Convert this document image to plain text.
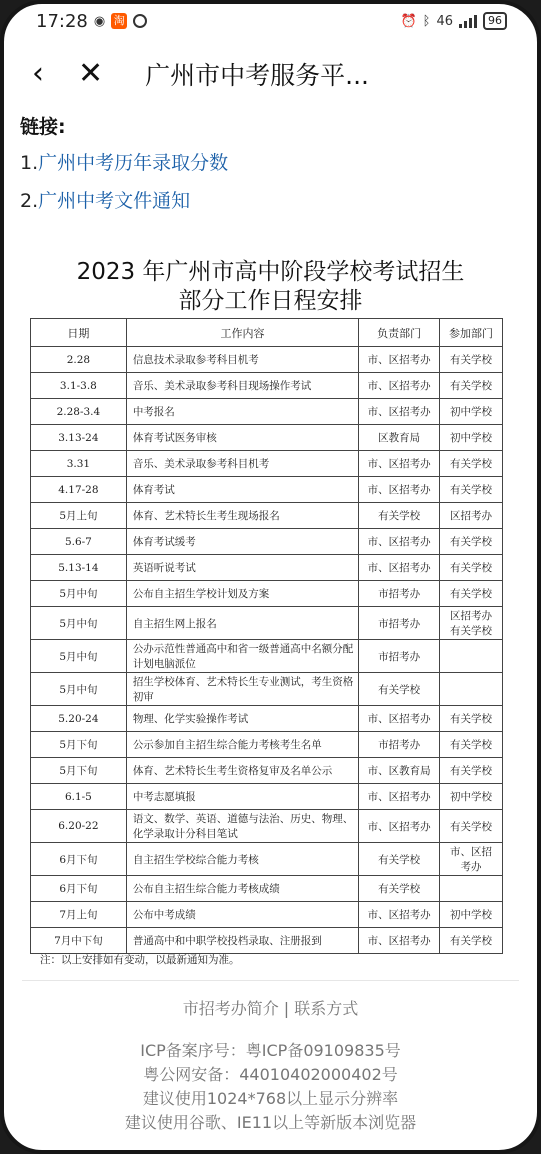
17:28 ◉ 淘	⏰ ᛒ 46	96
‹ ✕ 广州市中考服务平...
链接:
1.广州中考历年录取分数
2.广州中考文件通知
2023 年广州市高中阶段学校考试招生
部分工作日程安排
日期	工作内容	负责部门	参加部门
2.28	信息技术录取参考科目机考	市、区招考办	有关学校
3.1-3.8	音乐、美术录取参考科目现场操作考试	市、区招考办	有关学校
2.28-3.4	中考报名	市、区招考办	初中学校
3.13-24	体育考试医务审核	区教育局	初中学校
3.31	音乐、美术录取参考科目机考	市、区招考办	有关学校
4.17-28	体育考试	市、区招考办	有关学校
5月上旬	体育、艺术特长生考生现场报名	有关学校	区招考办
5.6-7	体育考试缓考	市、区招考办	有关学校
5.13-14	英语听说考试	市、区招考办	有关学校
5月中旬	公布自主招生学校计划及方案	市招考办	有关学校
5月中旬	自主招生网上报名	市招考办	区招考办
有关学校
5月中旬	公办示范性普通高中和省一级普通高中名额分配计划电脑派位	市招考办	
5月中旬	招生学校体育、艺术特长生专业测试，考生资格初审	有关学校	
5.20-24	物理、化学实验操作考试	市、区招考办	有关学校
5月下旬	公示参加自主招生综合能力考核考生名单	市招考办	有关学校
5月下旬	体育、艺术特长生考生资格复审及名单公示	市、区教育局	有关学校
6.1-5	中考志愿填报	市、区招考办	初中学校
6.20-22	语文、数学、英语、道德与法治、历史、物理、化学录取计分科目笔试	市、区招考办	有关学校
6月下旬	自主招生学校综合能力考核	有关学校	市、区招
考办
6月下旬	公布自主招生综合能力考核成绩	有关学校	
7月上旬	公布中考成绩	市、区招考办	初中学校
7月中下旬	普通高中和中职学校投档录取、注册报到	市、区招考办	有关学校
注：以上安排如有变动，以最新通知为准。
市招考办简介 | 联系方式
ICP备案序号：粤ICP备09109835号
粤公网安备：44010402000402号
建议使用1024*768以上显示分辨率
建议使用谷歌、IE11以上等新版本浏览器
